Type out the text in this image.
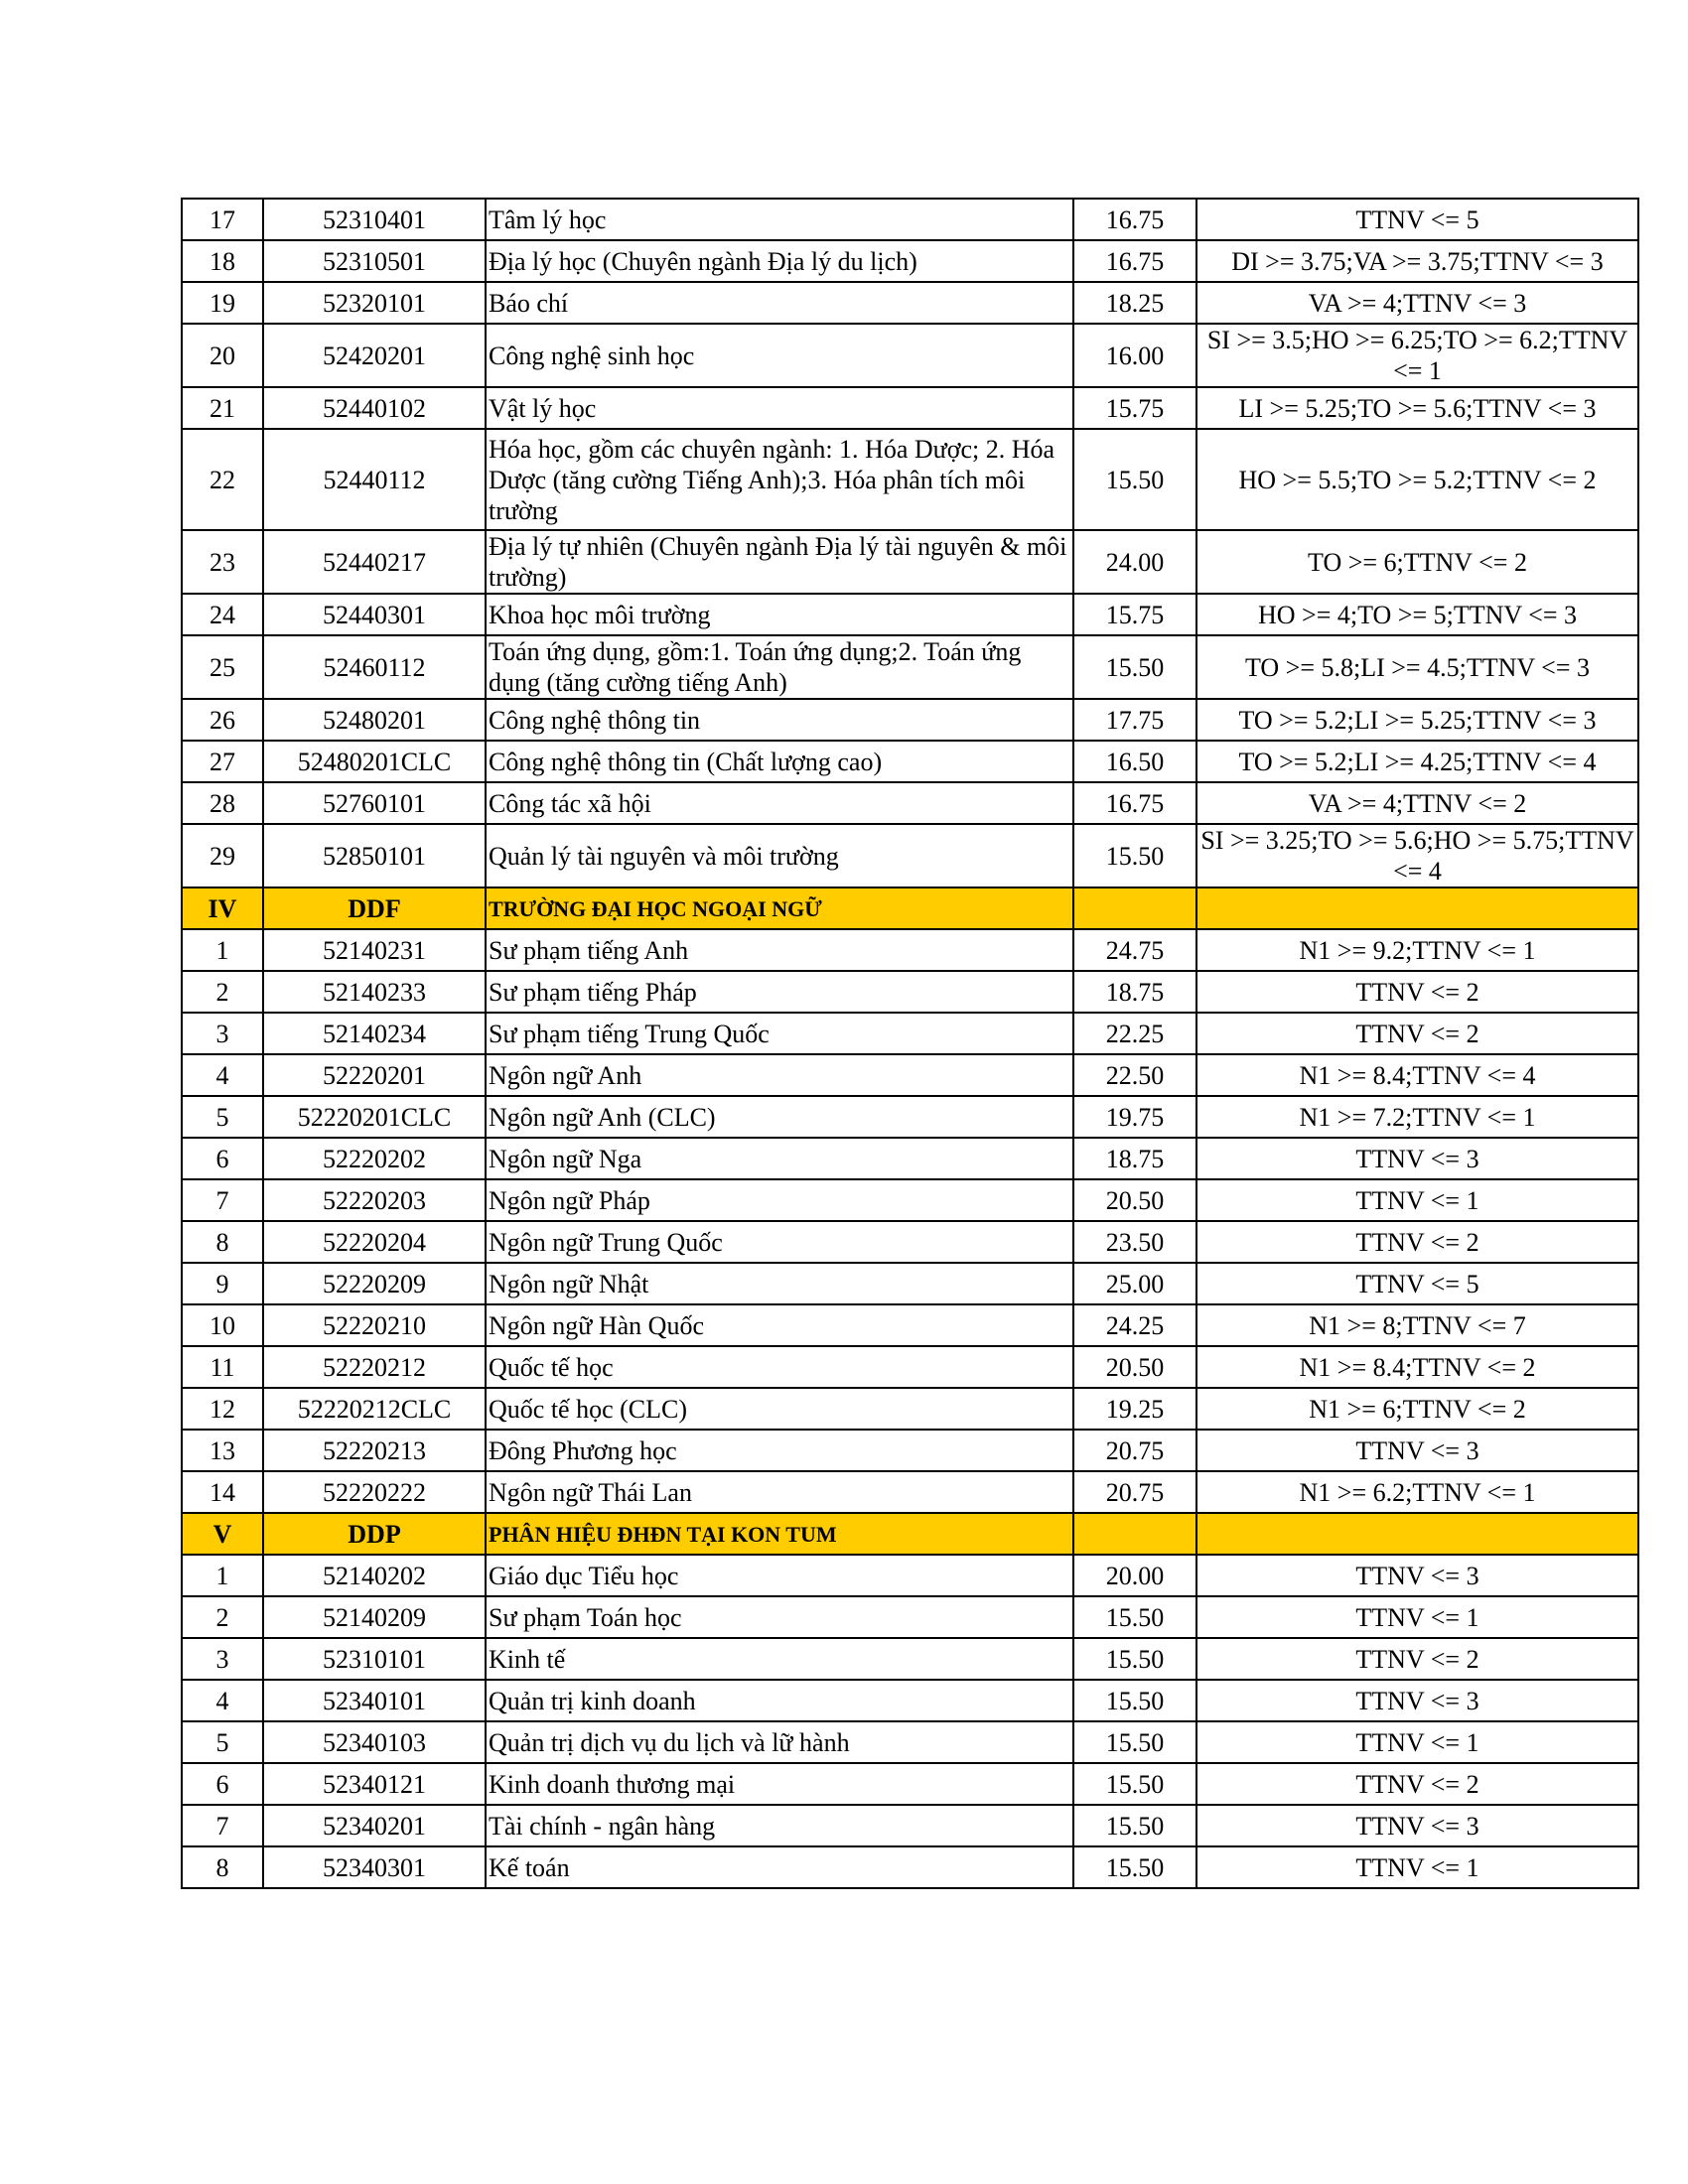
17	52310401	Tâm lý học	16.75	TTNV <= 5
18	52310501	Địa lý học (Chuyên ngành Địa lý du lịch)	16.75	DI >= 3.75;VA >= 3.75;TTNV <= 3
19	52320101	Báo chí	18.25	VA >= 4;TTNV <= 3
20	52420201	Công nghệ sinh học	16.00	SI >= 3.5;HO >= 6.25;TO >= 6.2;TTNV <= 1
21	52440102	Vật lý học	15.75	LI >= 5.25;TO >= 5.6;TTNV <= 3
22	52440112	Hóa học, gồm các chuyên ngành: 1. Hóa Dược; 2. Hóa Dược (tăng cường Tiếng Anh);3. Hóa phân tích môi trường	15.50	HO >= 5.5;TO >= 5.2;TTNV <= 2
23	52440217	Địa lý tự nhiên (Chuyên ngành Địa lý tài nguyên & môi trường)	24.00	TO >= 6;TTNV <= 2
24	52440301	Khoa học môi trường	15.75	HO >= 4;TO >= 5;TTNV <= 3
25	52460112	Toán ứng dụng, gồm:1. Toán ứng dụng;2. Toán ứng dụng (tăng cường tiếng Anh)	15.50	TO >= 5.8;LI >= 4.5;TTNV <= 3
26	52480201	Công nghệ thông tin	17.75	TO >= 5.2;LI >= 5.25;TTNV <= 3
27	52480201CLC	Công nghệ thông tin (Chất lượng cao)	16.50	TO >= 5.2;LI >= 4.25;TTNV <= 4
28	52760101	Công tác xã hội	16.75	VA >= 4;TTNV <= 2
29	52850101	Quản lý tài nguyên và môi trường	15.50	SI >= 3.25;TO >= 5.6;HO >= 5.75;TTNV <= 4
IV	DDF	TRƯỜNG ĐẠI HỌC NGOẠI NGỮ		
1	52140231	Sư phạm tiếng Anh	24.75	N1 >= 9.2;TTNV <= 1
2	52140233	Sư phạm tiếng Pháp	18.75	TTNV <= 2
3	52140234	Sư phạm tiếng Trung Quốc	22.25	TTNV <= 2
4	52220201	Ngôn ngữ Anh	22.50	N1 >= 8.4;TTNV <= 4
5	52220201CLC	Ngôn ngữ Anh (CLC)	19.75	N1 >= 7.2;TTNV <= 1
6	52220202	Ngôn ngữ Nga	18.75	TTNV <= 3
7	52220203	Ngôn ngữ Pháp	20.50	TTNV <= 1
8	52220204	Ngôn ngữ Trung Quốc	23.50	TTNV <= 2
9	52220209	Ngôn ngữ Nhật	25.00	TTNV <= 5
10	52220210	Ngôn ngữ Hàn Quốc	24.25	N1 >= 8;TTNV <= 7
11	52220212	Quốc tế học	20.50	N1 >= 8.4;TTNV <= 2
12	52220212CLC	Quốc tế học (CLC)	19.25	N1 >= 6;TTNV <= 2
13	52220213	Đông Phương học	20.75	TTNV <= 3
14	52220222	Ngôn ngữ Thái Lan	20.75	N1 >= 6.2;TTNV <= 1
V	DDP	PHÂN HIỆU ĐHĐN TẠI KON TUM		
1	52140202	Giáo dục Tiểu học	20.00	TTNV <= 3
2	52140209	Sư phạm Toán học	15.50	TTNV <= 1
3	52310101	Kinh tế	15.50	TTNV <= 2
4	52340101	Quản trị kinh doanh	15.50	TTNV <= 3
5	52340103	Quản trị dịch vụ du lịch và lữ hành	15.50	TTNV <= 1
6	52340121	Kinh doanh thương mại	15.50	TTNV <= 2
7	52340201	Tài chính - ngân hàng	15.50	TTNV <= 3
8	52340301	Kế toán	15.50	TTNV <= 1
